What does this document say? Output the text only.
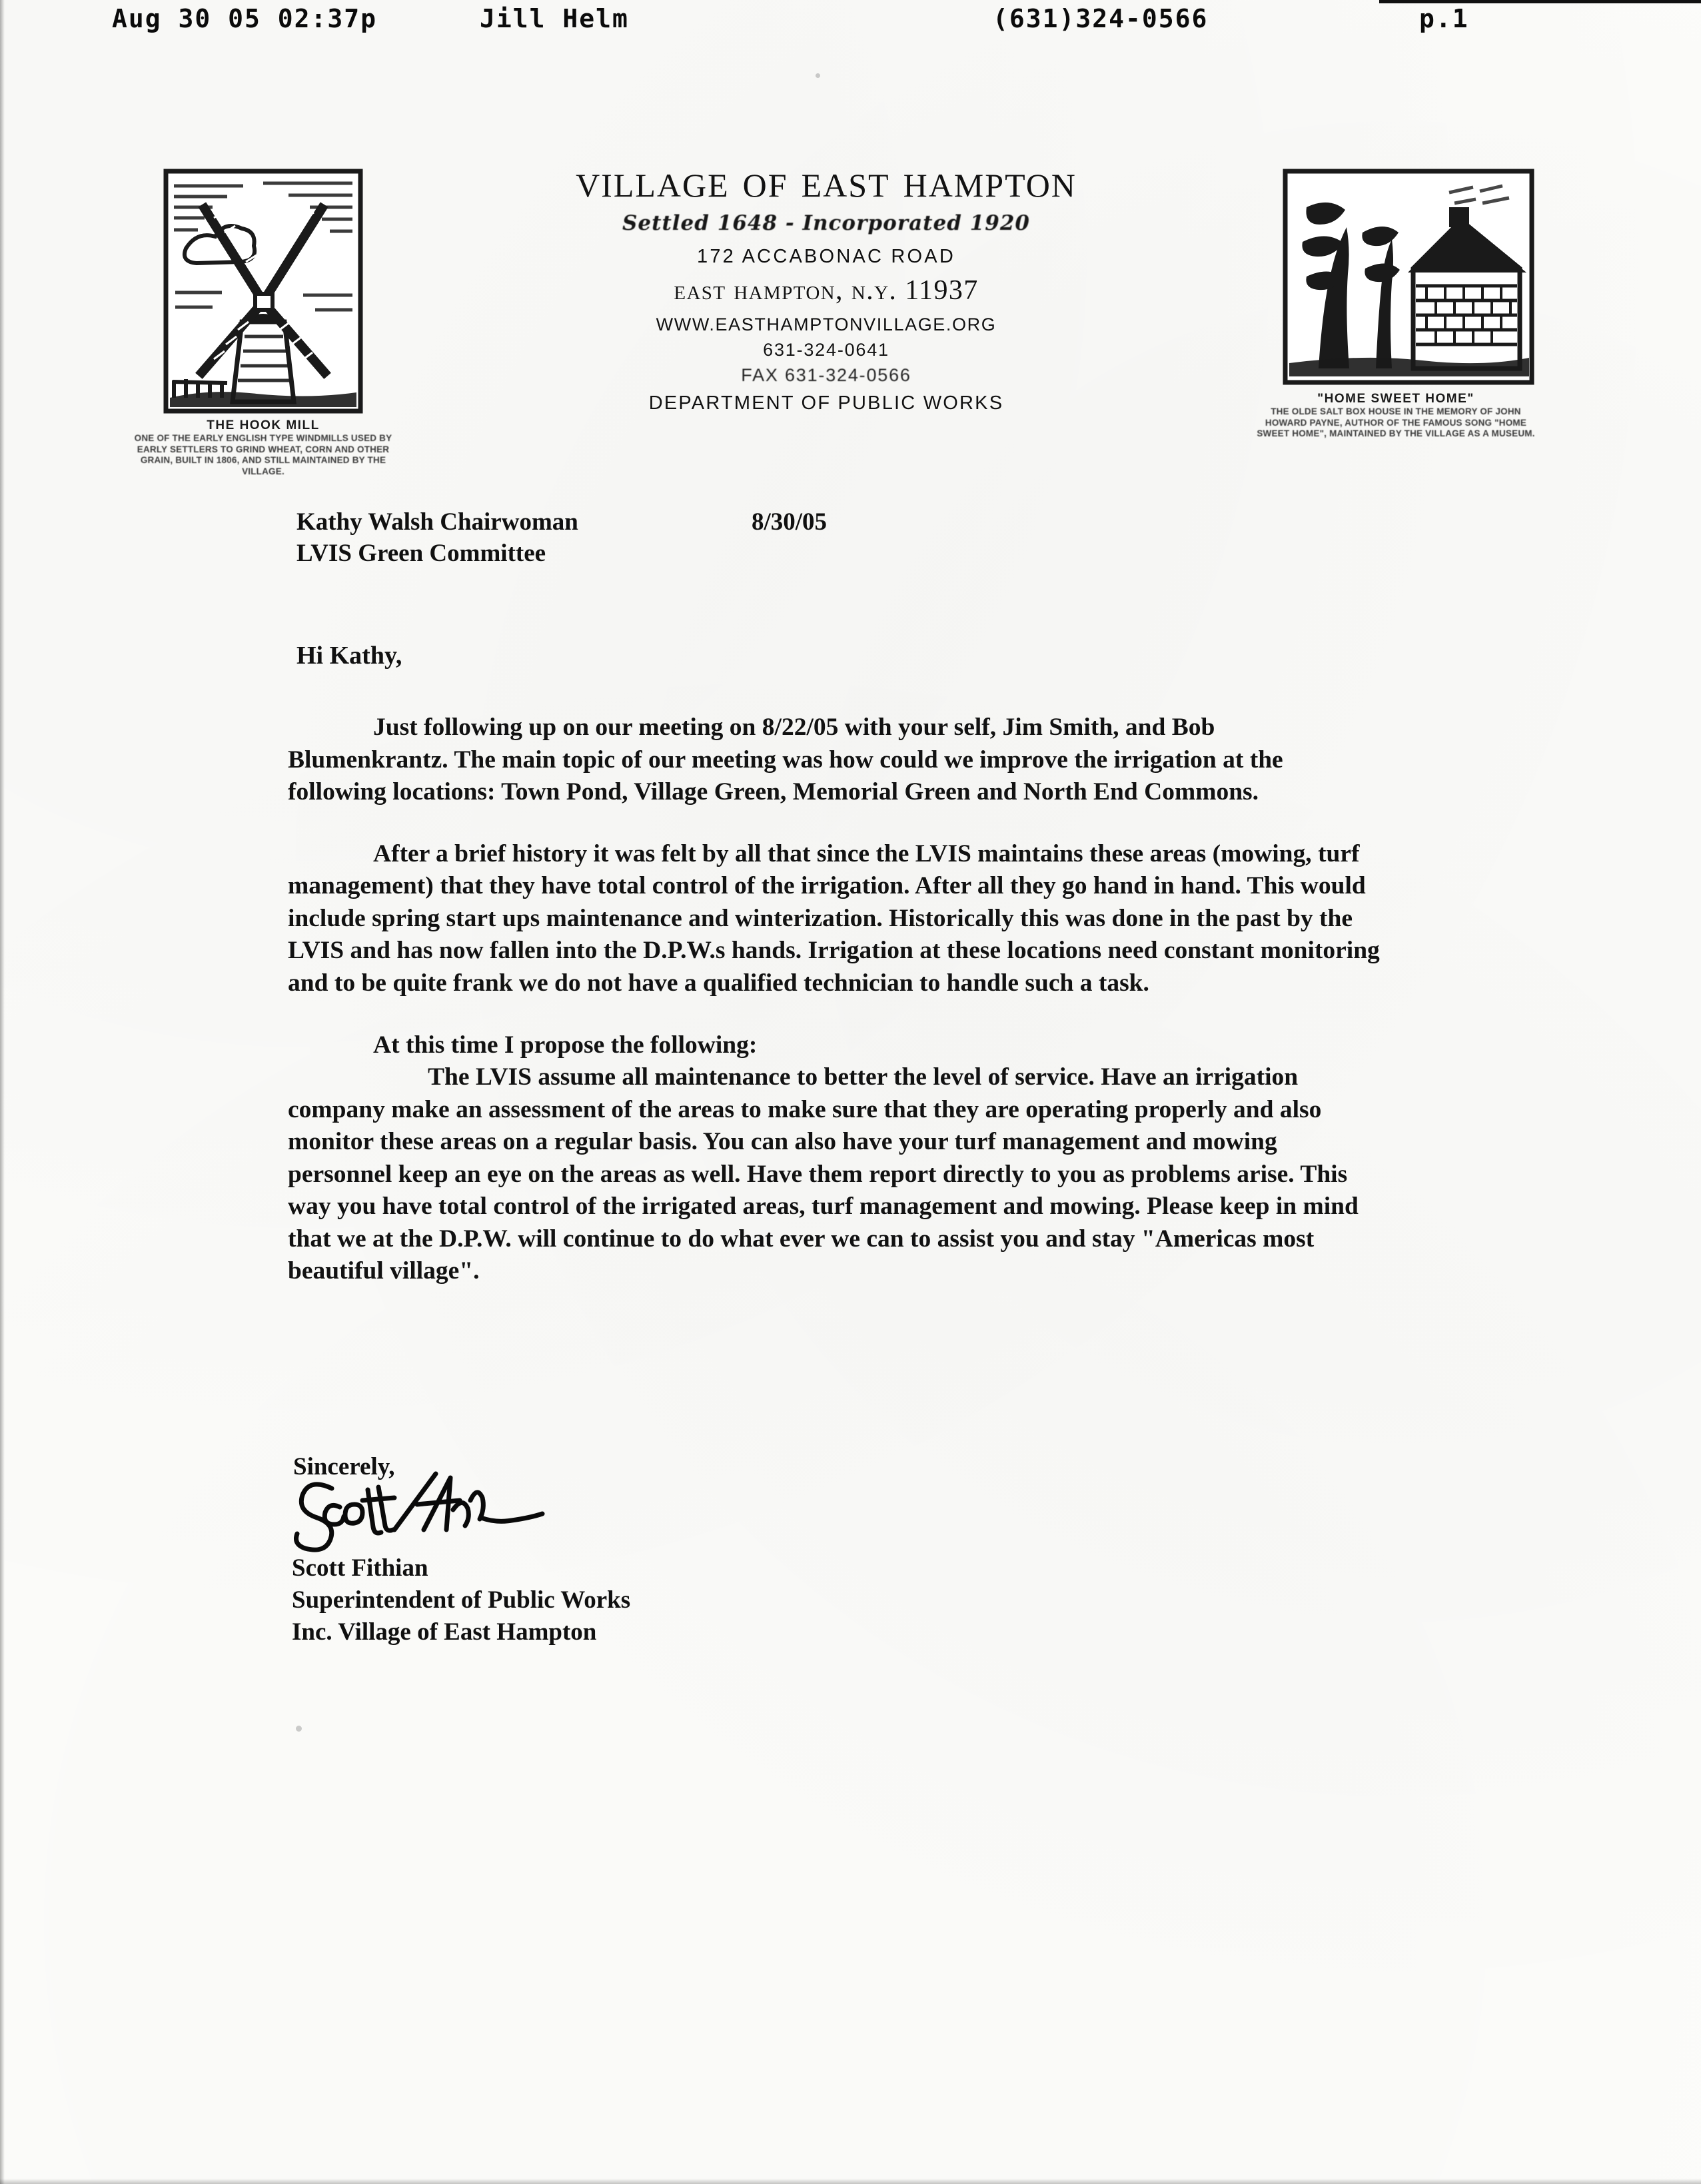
Aug 30 05 02:37p

	Jill Helm

	(631)324-0566

	p.1

THE HOOK MILL
ONE OF THE EARLY ENGLISH TYPE WINDMILLS USED BY EARLY SETTLERS TO GRIND WHEAT, CORN AND OTHER GRAIN, BUILT IN 1806, AND STILL MAINTAINED BY THE VILLAGE.
village of east hampton
Settled 1648 - Incorporated 1920
172 ACCABONAC ROAD
east hampton, n.y. 11937
WWW.EASTHAMPTONVILLAGE.ORG
631-324-0641
FAX 631-324-0566
DEPARTMENT OF PUBLIC WORKS	"HOME SWEET HOME"
THE OLDE SALT BOX HOUSE IN THE MEMORY OF JOHN HOWARD PAYNE, AUTHOR OF THE FAMOUS SONG "HOME SWEET HOME", MAINTAINED BY THE VILLAGE AS A MUSEUM.
Kathy Walsh Chairwoman
LVIS Green Committee
8/30/05
Hi Kathy,

Just following up on our meeting on 8/22/05 with your self, Jim Smith, and Bob Blumenkrantz. The main topic of our meeting was how could we improve the irrigation at the following locations: Town Pond, Village Green, Memorial Green and North End Commons.

After a brief history it was felt by all that since the LVIS maintains these areas (mowing, turf management) that they have total control of the irrigation. After all they go hand in hand. This would include spring start ups maintenance and winterization. Historically this was done in the past by the LVIS and has now fallen into the D.P.W.s hands. Irrigation at these locations need constant monitoring and to be quite frank we do not have a qualified technician to handle such a task.

At this time I propose the following:

The LVIS assume all maintenance to better the level of service. Have an irrigation company make an assessment of the areas to make sure that they are operating properly and also monitor these areas on a regular basis. You can also have your turf management and mowing personnel keep an eye on the areas as well. Have them report directly to you as problems arise. This way you have total control of the irrigated areas, turf management and mowing. Please keep in mind that we at the D.P.W. will continue to do what ever we can to assist you and stay "Americas most beautiful village".

Sincerely,
Scott Fithian
Superintendent of Public Works
Inc. Village of East Hampton
